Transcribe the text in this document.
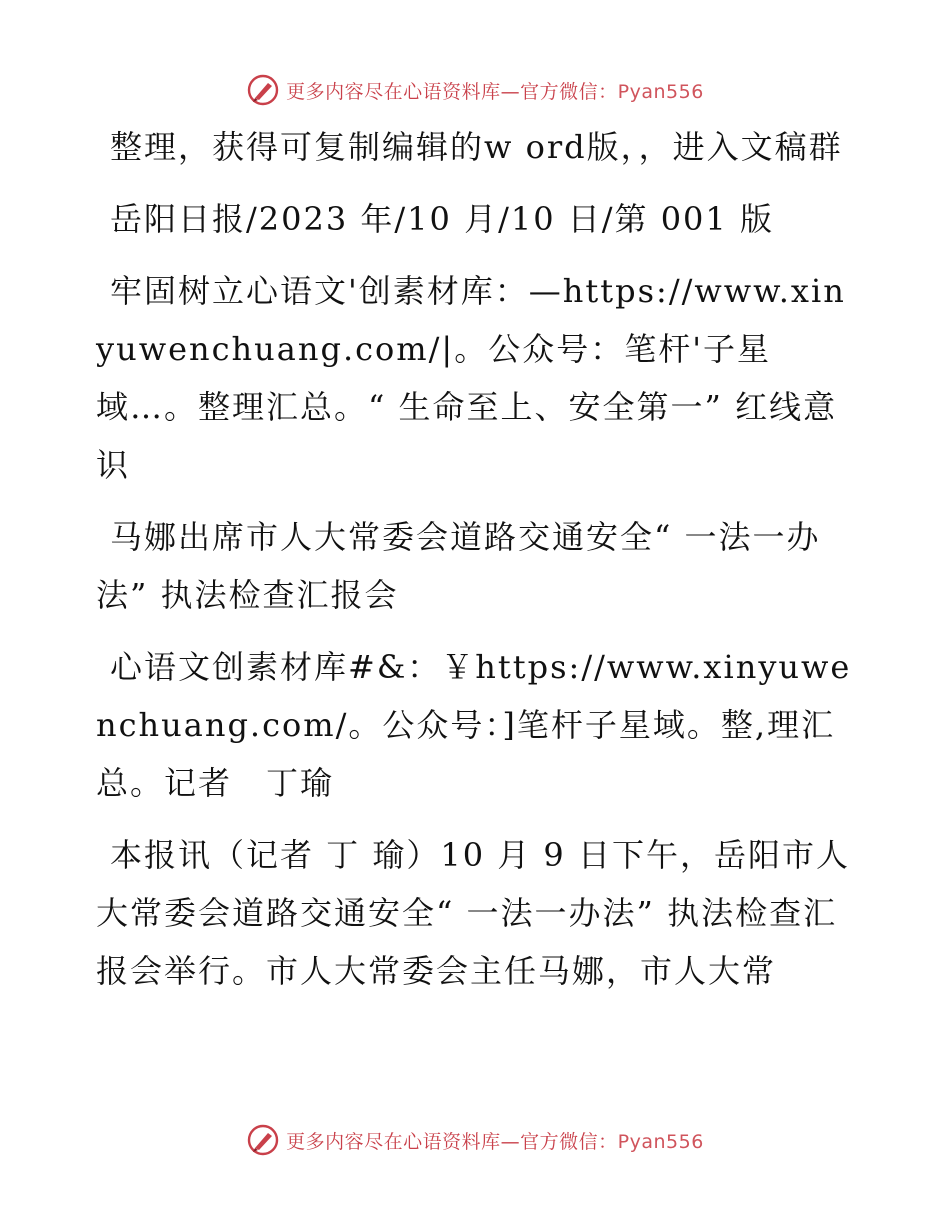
更多内容尽在心语资料库—官方微信：Pyan556

整理，获得可复制编辑的w ord版，，进入文稿群

岳阳日报/2023 年/10 月/10 日/第 001 版

牢固树立心语文'创素材库：—https://www.xinyuwenchuang.com/|。公众号：笔杆'子星域…。整理汇总。“ 生命至上、安全第一” 红线意识

马娜出席市人大常委会道路交通安全“ 一法一办法” 执法检查汇报会

心语文创素材库#&：￥https://www.xinyuwenchuang.com/。公众号：]笔杆子星域。整,理汇总。记者　丁瑜

本报讯（记者 丁 瑜）10 月 9 日下午，岳阳市人大常委会道路交通安全“ 一法一办法” 执法检查汇报会举行。市人大常委会主任马娜，市人大常

更多内容尽在心语资料库—官方微信：Pyan556
